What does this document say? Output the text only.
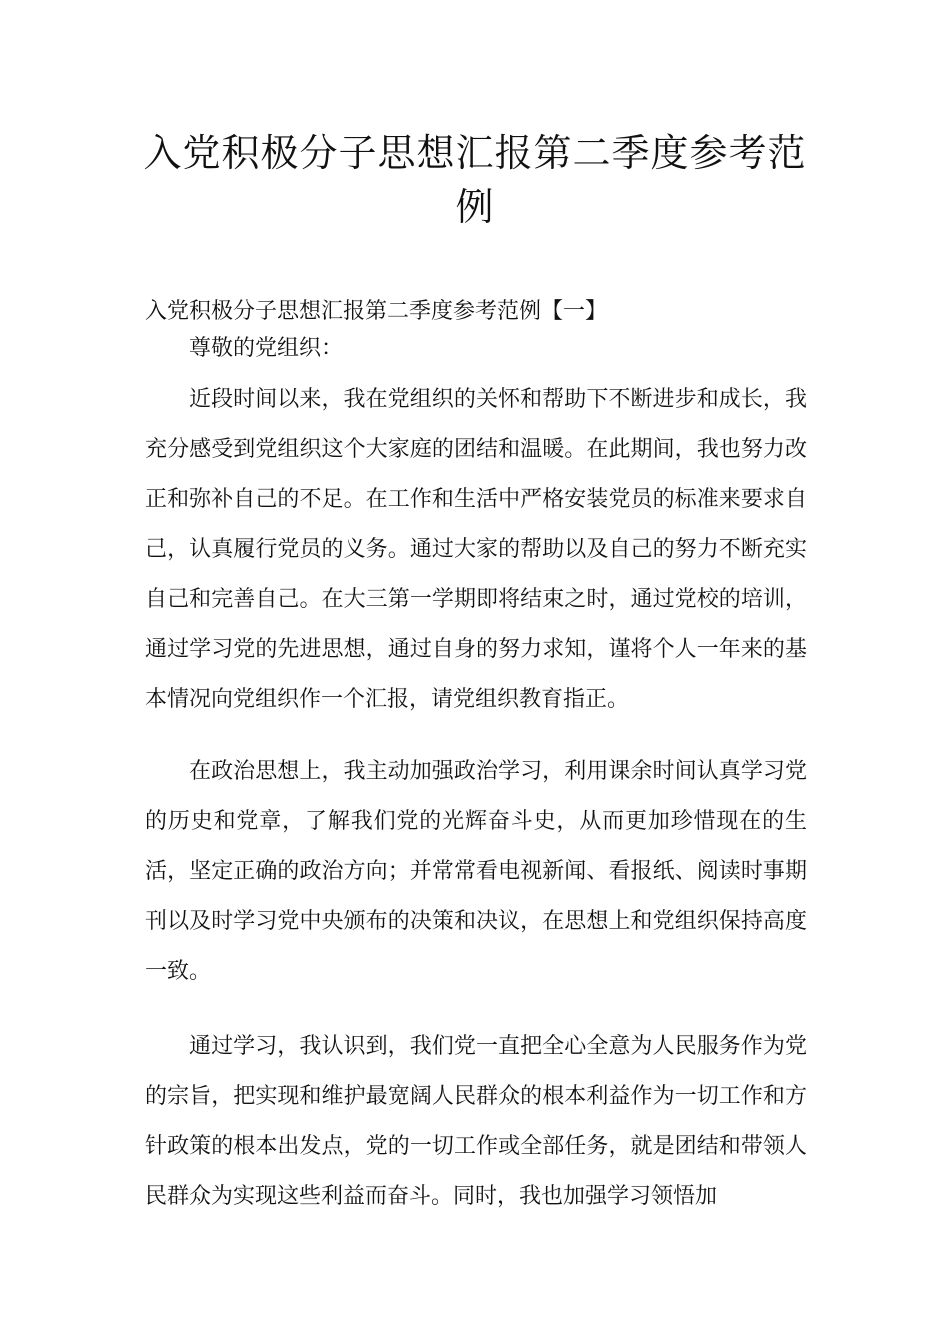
入党积极分子思想汇报第二季度参考范例

入党积极分子思想汇报第二季度参考范例【一】

尊敬的党组织：

近段时间以来，我在党组织的关怀和帮助下不断进步和成长，我充分感受到党组织这个大家庭的团结和温暖。在此期间，我也努力改正和弥补自己的不足。在工作和生活中严格安装党员的标准来要求自己，认真履行党员的义务。通过大家的帮助以及自己的努力不断充实自己和完善自己。在大三第一学期即将结束之时，通过党校的培训，通过学习党的先进思想，通过自身的努力求知，谨将个人一年来的基本情况向党组织作一个汇报，请党组织教育指正。

在政治思想上，我主动加强政治学习，利用课余时间认真学习党的历史和党章，了解我们党的光辉奋斗史，从而更加珍惜现在的生活，坚定正确的政治方向；并常常看电视新闻、看报纸、阅读时事期刊以及时学习党中央颁布的决策和决议，在思想上和党组织保持高度一致。

通过学习，我认识到，我们党一直把全心全意为人民服务作为党的宗旨，把实现和维护最宽阔人民群众的根本利益作为一切工作和方针政策的根本出发点，党的一切工作或全部任务，就是团结和带领人民群众为实现这些利益而奋斗。同时，我也加强学习领悟加
